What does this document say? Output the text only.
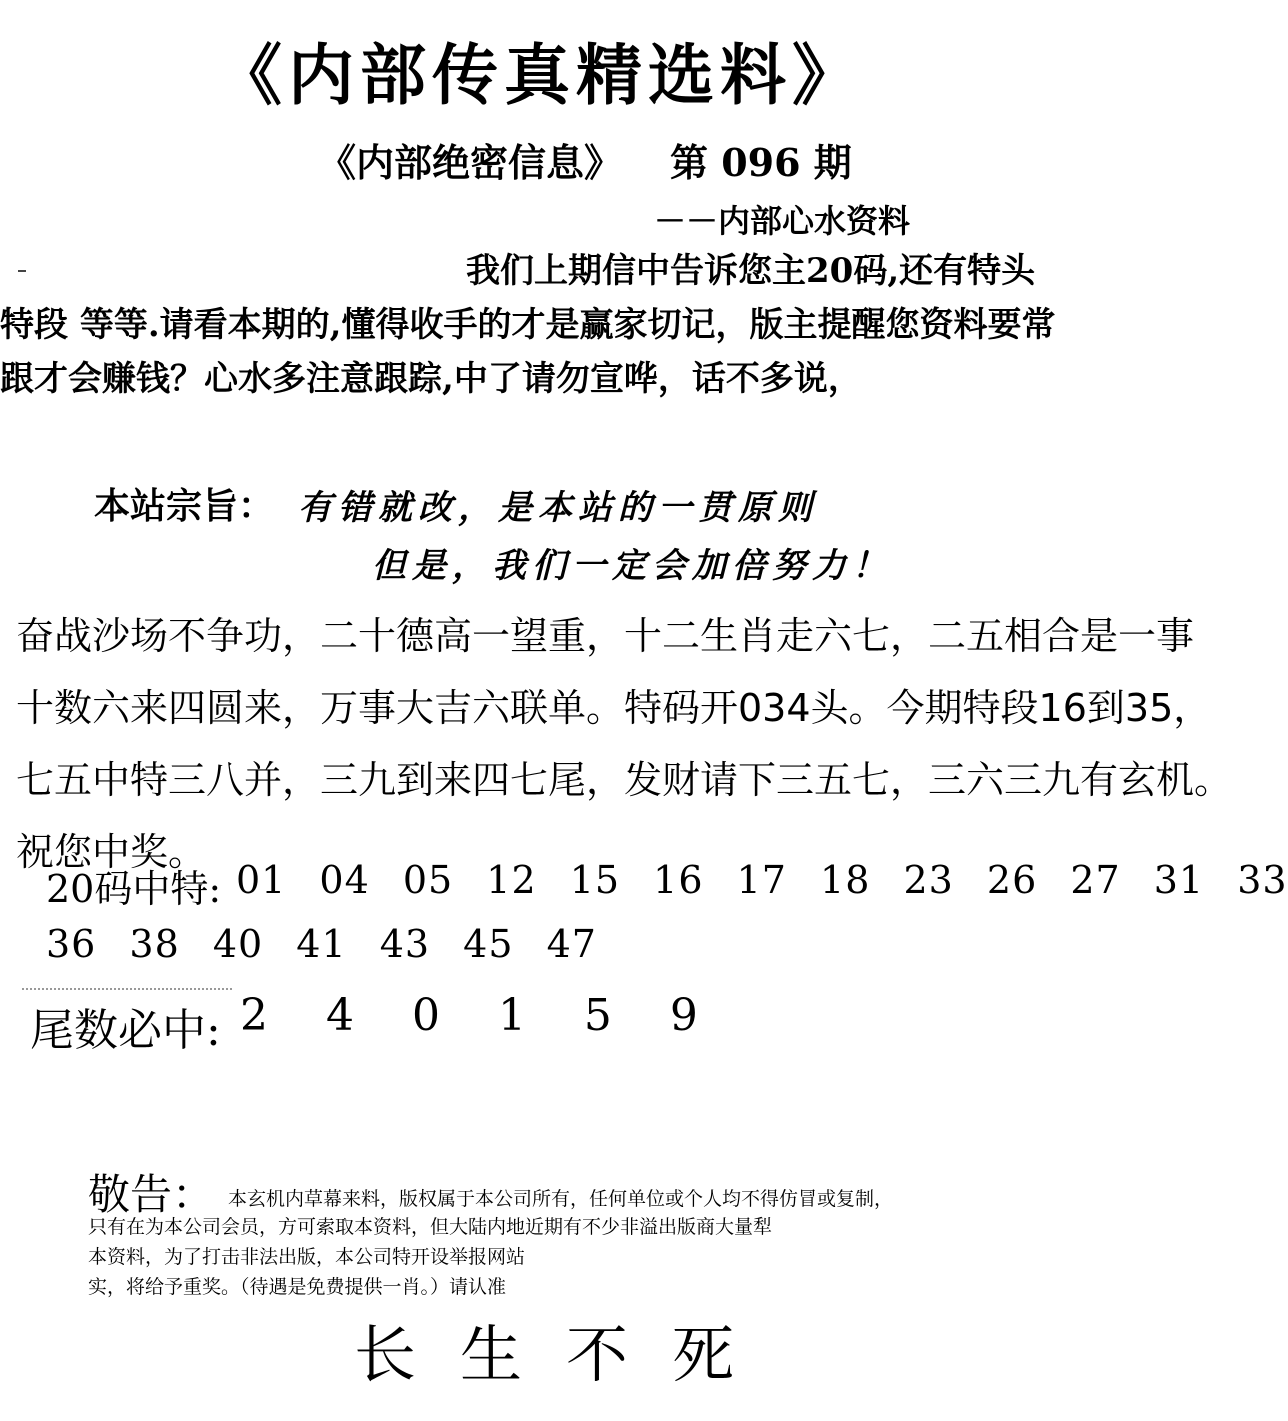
《内部传真精选料》
《内部绝密信息》 第 096 期
－－内部心水资料
我们上期信中告诉您主20码,还有特头 特段 等等.请看本期的,懂得收手的才是赢家切记，版主提醒您资料要常跟才会赚钱？心水多注意跟踪,中了请勿宣哗，话不多说，
本站宗旨： 有错就改，是本站的一贯原则
但是，我们一定会加倍努力！
奋战沙场不争功，二十德高一望重，十二生肖走六七，二五相合是一事
十数六来四圆来，万事大吉六联单。特码开034头。今期特段16到35，
七五中特三八并，三九到来四七尾，发财请下三五七，三六三九有玄机。
祝您中奖。
20码中特: 01 04 05 12 15 16 17 18 23 26 27 31 33
36 38 40 41 43 45 47
尾数必中: 2 4 0 1 5 9
敬告： 本玄机内草幕来料，版权属于本公司所有，任何单位或个人均不得仿冒或复制，
只有在为本公司会员，方可索取本资料，但大陆内地近期有不少非溢出版商大量犁
本资料，为了打击非法出版，本公司特开设举报网站
实，将给予重奖。（待遇是免费提供一肖。）请认准
长生不死
